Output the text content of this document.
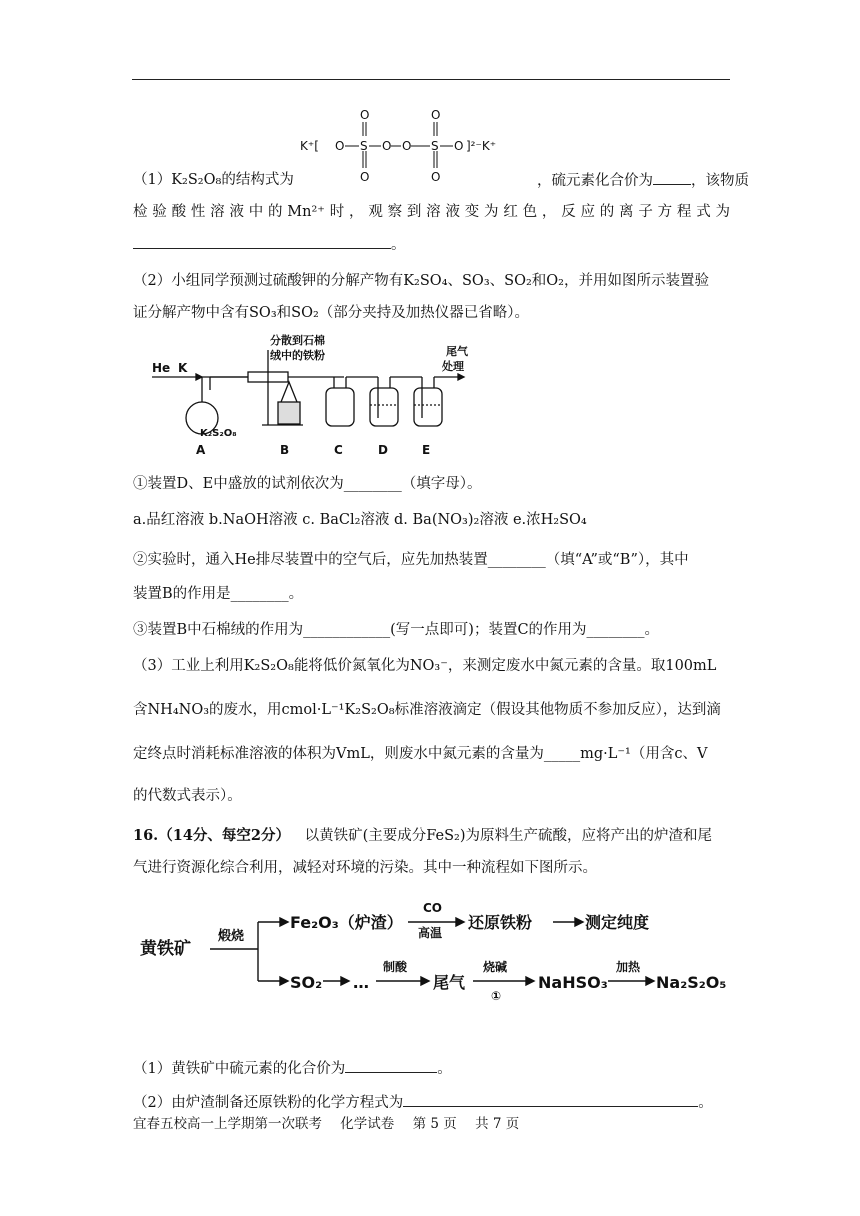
K⁺[ O S O O S O ]²⁻K⁺
O	O
O	O
（1）K₂S₂O₈的结构式为	，硫元素化合价为	，该物质
检验酸性溶液中的Mn²⁺时，观察到溶液变为红色，反应的离子方程式为
。
（2）小组同学预测过硫酸钾的分解产物有K₂SO₄、SO₃、SO₂和O₂，并用如图所示装置验
证分解产物中含有SO₃和SO₂（部分夹持及加热仪器已省略）。
He K
分散到石棉
绒中的铁粉	尾气
处理
K₂S₂O₈
A	B	C	D	E
①装置D、E中盛放的试剂依次为________（填字母）。
a.品红溶液 b.NaOH溶液 c. BaCl₂溶液 d. Ba(NO₃)₂溶液 e.浓H₂SO₄
②实验时，通入He排尽装置中的空气后，应先加热装置________（填“A”或“B”），其中
装置B的作用是________。
③装置B中石棉绒的作用为____________(写一点即可)；装置C的作用为________。
（3）工业上利用K₂S₂O₈能将低价氮氧化为NO₃⁻，来测定废水中氮元素的含量。取100mL
含NH₄NO₃的废水，用cmol·L⁻¹K₂S₂O₈标准溶液滴定（假设其他物质不参加反应），达到滴
定终点时消耗标准溶液的体积为VmL，则废水中氮元素的含量为_____mg·L⁻¹（用含c、V
的代数式表示）。
16.（14分、每空2分） 以黄铁矿(主要成分FeS₂)为原料生产硫酸，应将产出的炉渣和尾
气进行资源化综合利用，减轻对环境的污染。其中一种流程如下图所示。
黄铁矿
煅烧
Fe₂O₃（炉渣）
CO
高温
还原铁粉	测定纯度
SO₂ …
制酸
尾气
烧碱
①
NaHSO₃
加热
Na₂S₂O₅
（1）黄铁矿中硫元素的化合价为	。
（2）由炉渣制备还原铁粉的化学方程式为	。
宜春五校高一上学期第一次联考 化学试卷 第 5 页 共 7 页
